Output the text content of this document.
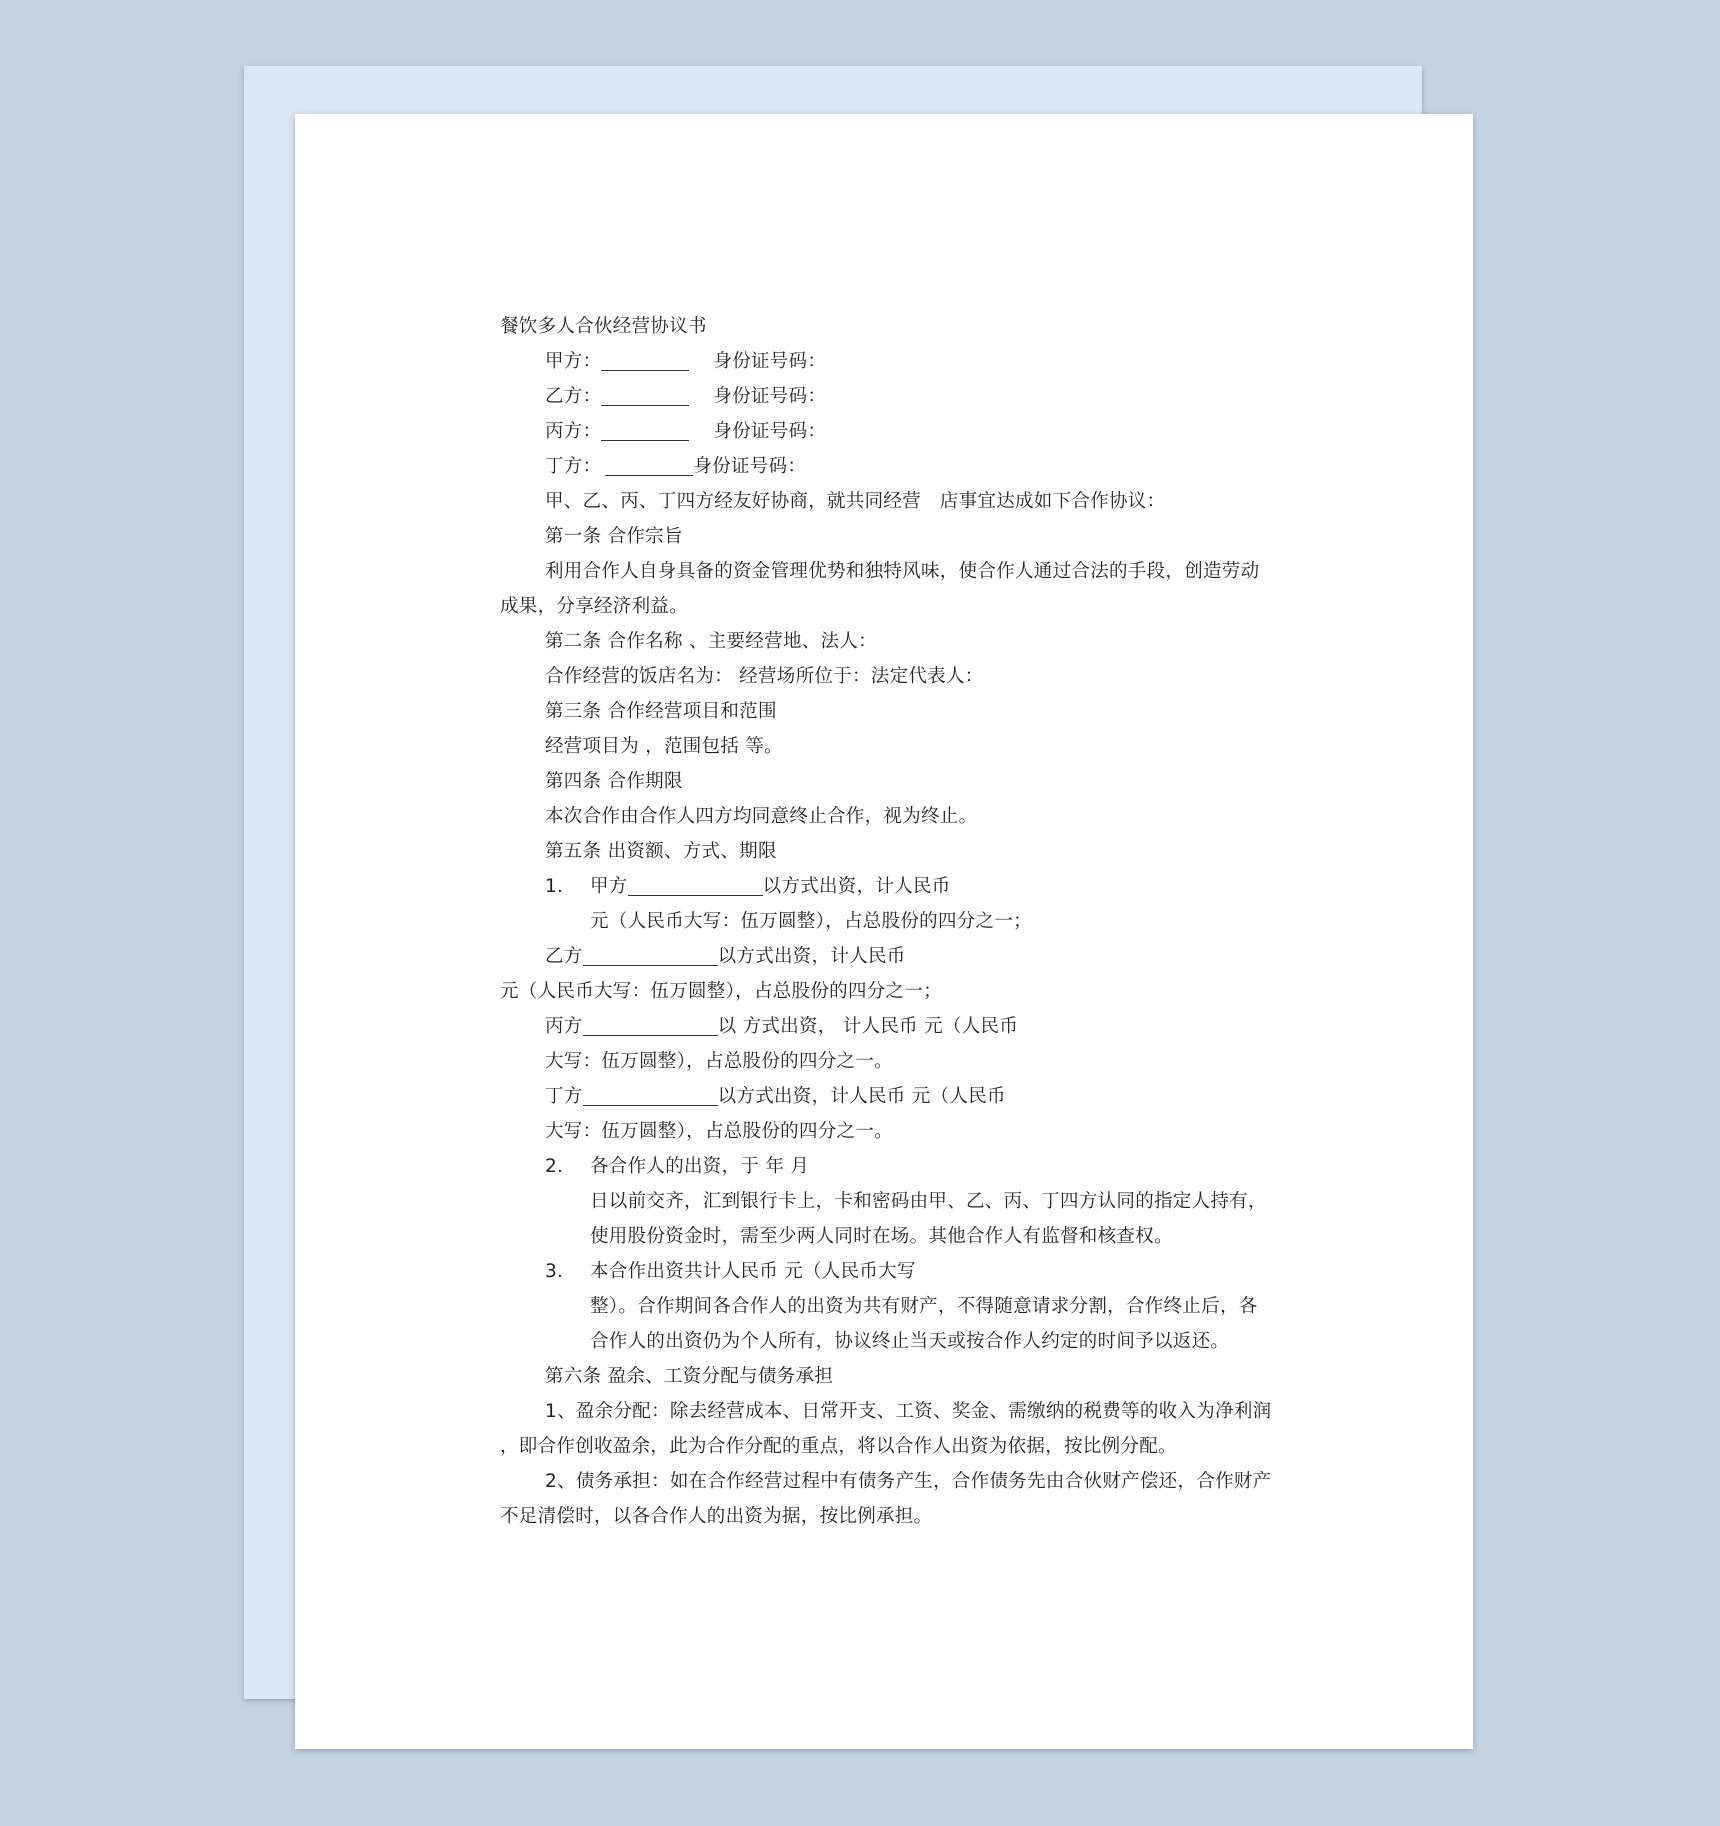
餐饮多人合伙经营协议书
甲方：	身份证号码：
乙方：	身份证号码：
丙方：	身份证号码：
丁方：	身份证号码：
甲、乙、丙、丁四方经友好协商，就共同经营　店事宜达成如下合作协议：
第一条 合作宗旨
利用合作人自身具备的资金管理优势和独特风味，使合作人通过合法的手段，创造劳动
成果，分享经济利益。
第二条 合作名称 、主要经营地、法人：
合作经营的饭店名为： 经营场所位于：法定代表人：
第三条 合作经营项目和范围
经营项目为 ，范围包括 等。
第四条 合作期限
本次合作由合作人四方均同意终止合作，视为终止。
第五条 出资额、方式、期限
1． 甲方	以方式出资，计人民币
元（人民币大写：伍万圆整），占总股份的四分之一；
乙方	以方式出资，计人民币
元（人民币大写：伍万圆整），占总股份的四分之一；
丙方	以 方式出资， 计人民币 元（人民币
大写：伍万圆整），占总股份的四分之一。
丁方	以方式出资，计人民币 元（人民币
大写：伍万圆整），占总股份的四分之一。
2． 各合作人的出资，于 年 月
日以前交齐，汇到银行卡上，卡和密码由甲、乙、丙、丁四方认同的指定人持有，
使用股份资金时，需至少两人同时在场。其他合作人有监督和核查权。
3． 本合作出资共计人民币 元（人民币大写
整）。合作期间各合作人的出资为共有财产，不得随意请求分割，合作终止后，各
合作人的出资仍为个人所有，协议终止当天或按合作人约定的时间予以返还。
第六条 盈余、工资分配与债务承担
1、盈余分配：除去经营成本、日常开支、工资、奖金、需缴纳的税费等的收入为净利润
，即合作创收盈余，此为合作分配的重点，将以合作人出资为依据，按比例分配。
2、债务承担：如在合作经营过程中有债务产生，合作债务先由合伙财产偿还，合作财产
不足清偿时，以各合作人的出资为据，按比例承担。
